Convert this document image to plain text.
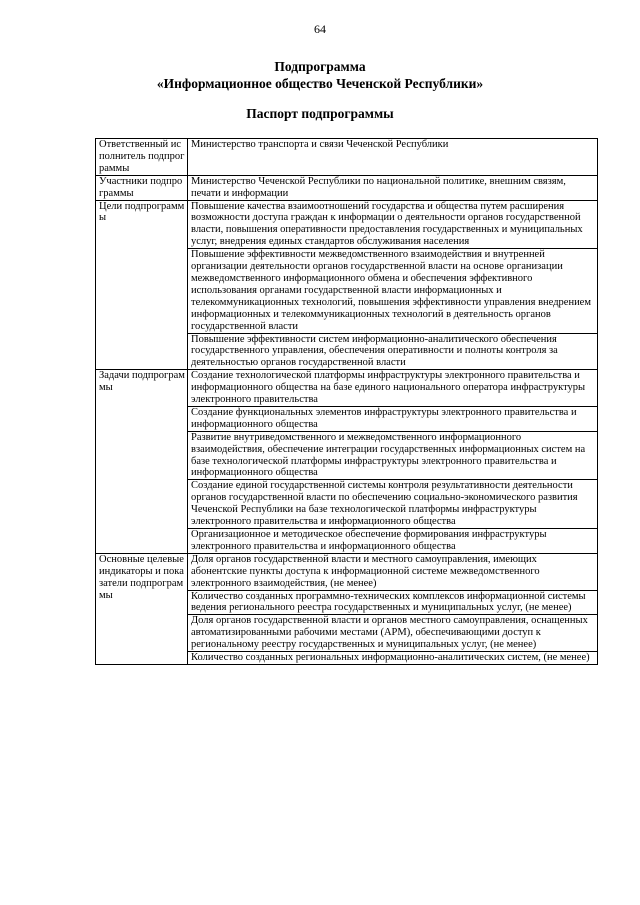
64
Подпрограмма
«Информационное общество Чеченской Республики»
Паспорт подпрограммы
Ответственный исполнитель подпрограммы	Министерство транспорта и связи Чеченской Республики
Участники подпрограммы	Министерство Чеченской Республики по национальной политике, внешним связям, печати и информации
Цели подпрограммы	Повышение качества взаимоотношений государства и общества путем расширения возможности доступа граждан к информации о деятельности органов государственной власти, повышения оперативности предоставления государственных и муниципальных услуг, внедрения единых стандартов обслуживания населения
	Повышение эффективности межведомственного взаимодействия и внутренней организации деятельности органов государственной власти на основе организации межведомственного информационного обмена и обеспечения эффективного использования органами государственной власти информационных и телекоммуникационных технологий, повышения эффективности управления внедрением информационных и телекоммуникационных технологий в деятельность органов государственной власти
	Повышение эффективности систем информационно-аналитического обеспечения государственного управления, обеспечения оперативности и полноты контроля за деятельностью органов государственной власти
Задачи подпрограммы	Создание технологической платформы инфраструктуры электронного правительства и информационного общества на базе единого национального оператора инфраструктуры электронного правительства
	Создание функциональных элементов инфраструктуры электронного правительства и информационного общества
	Развитие внутриведомственного и межведомственного информационного взаимодействия, обеспечение интеграции государственных информационных систем на базе технологической платформы инфраструктуры электронного правительства и информационного общества
	Создание единой государственной системы контроля результативности деятельности органов государственной власти по обеспечению социально-экономического развития Чеченской Республики на базе технологической платформы инфраструктуры электронного правительства и информационного общества
	Организационное и методическое обеспечение формирования инфраструктуры электронного правительства и информационного общества
Основные целевые индикаторы и показатели подпрограммы	Доля органов государственной власти и местного самоуправления, имеющих абонентские пункты доступа к информационной системе межведомственного электронного взаимодействия, (не менее)
	Количество созданных программно-технических комплексов информационной системы ведения регионального реестра государственных и муниципальных услуг, (не менее)
	Доля органов государственной власти и органов местного самоуправления, оснащенных автоматизированными рабочими местами (АРМ), обеспечивающими доступ к региональному реестру государственных и муниципальных услуг, (не менее)
	Количество созданных региональных информационно-аналитических систем, (не менее)
